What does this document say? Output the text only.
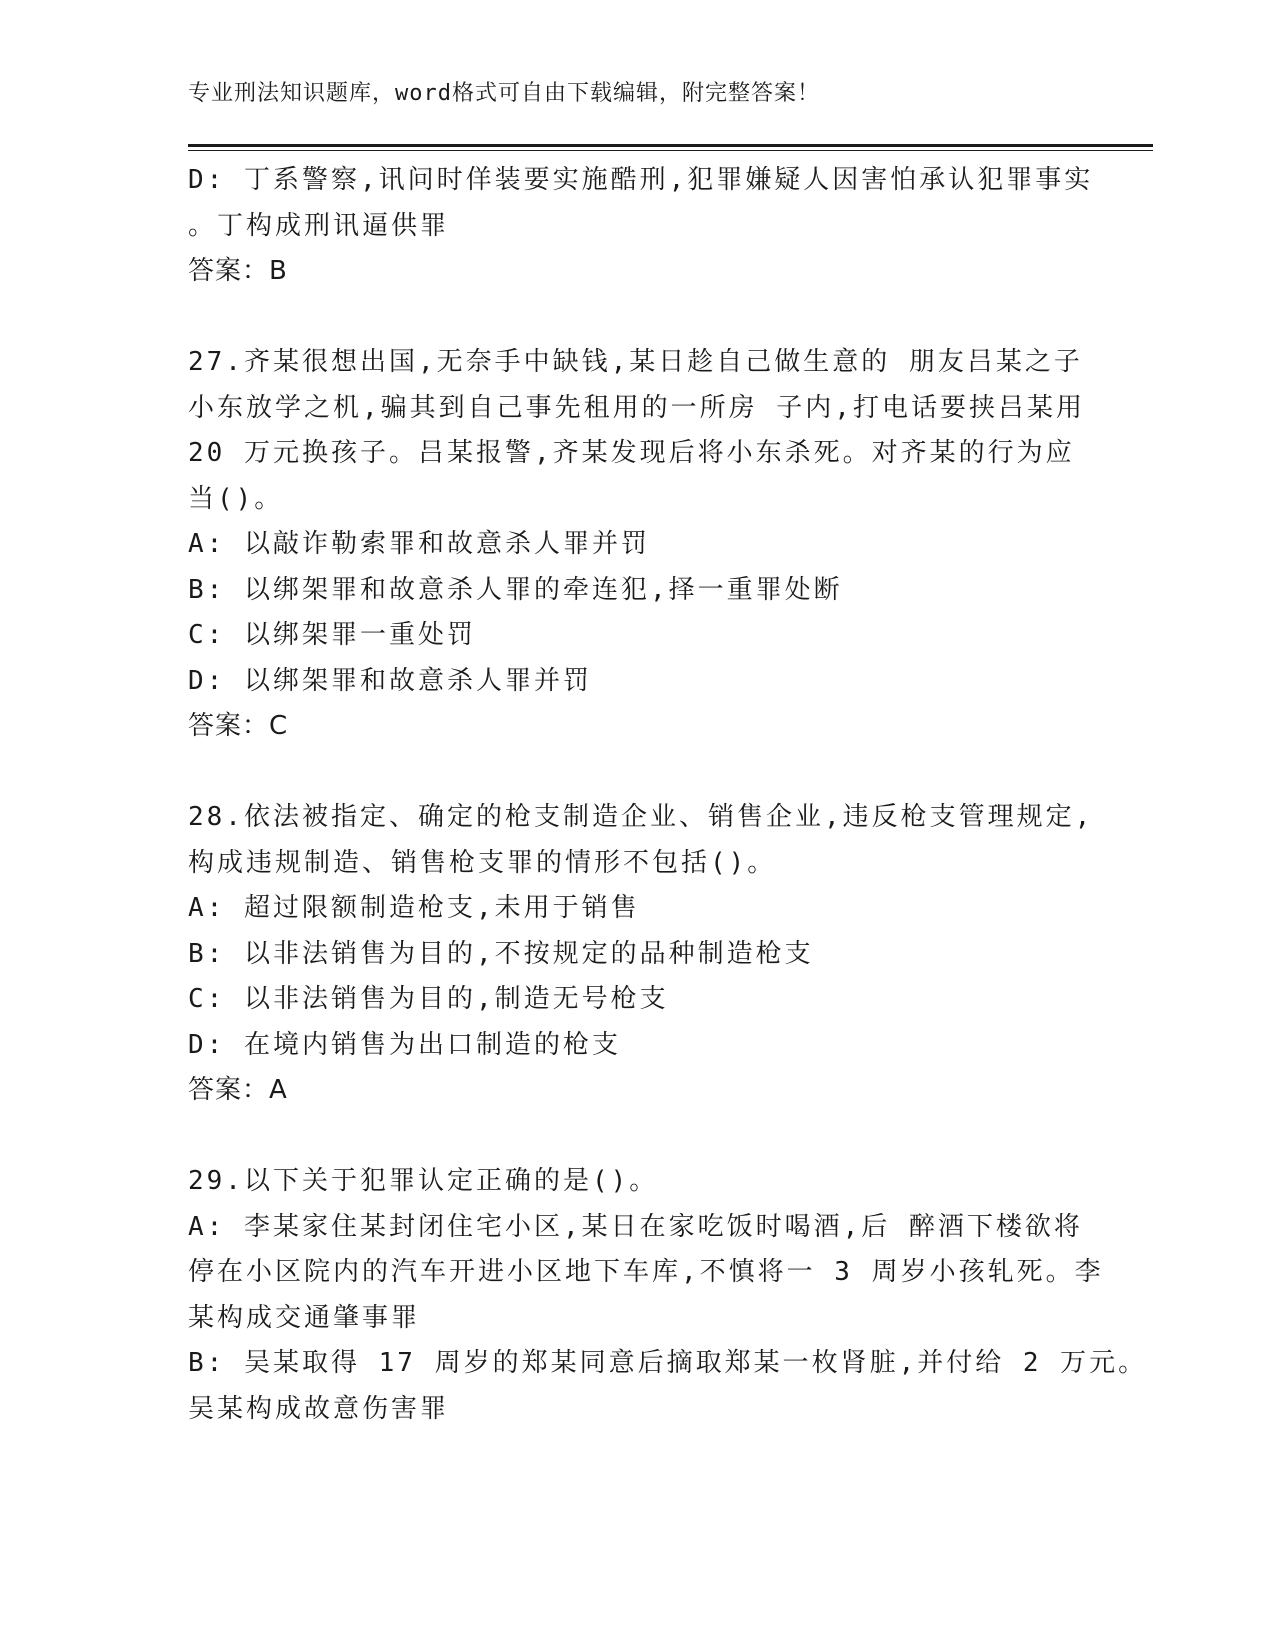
专业刑法知识题库，word格式可自由下载编辑，附完整答案！
D: 丁系警察,讯问时佯装要实施酷刑,犯罪嫌疑人因害怕承认犯罪事实
。丁构成刑讯逼供罪
答案：B
27.齐某很想出国,无奈手中缺钱,某日趁自己做生意的 朋友吕某之子
小东放学之机,骗其到自己事先租用的一所房 子内,打电话要挟吕某用
20 万元换孩子。吕某报警,齐某发现后将小东杀死。对齐某的行为应
当()。
A: 以敲诈勒索罪和故意杀人罪并罚
B: 以绑架罪和故意杀人罪的牵连犯,择一重罪处断
C: 以绑架罪一重处罚
D: 以绑架罪和故意杀人罪并罚
答案：C
28.依法被指定、确定的枪支制造企业、销售企业,违反枪支管理规定,
构成违规制造、销售枪支罪的情形不包括()。
A: 超过限额制造枪支,未用于销售
B: 以非法销售为目的,不按规定的品种制造枪支
C: 以非法销售为目的,制造无号枪支
D: 在境内销售为出口制造的枪支
答案：A
29.以下关于犯罪认定正确的是()。
A: 李某家住某封闭住宅小区,某日在家吃饭时喝酒,后 醉酒下楼欲将
停在小区院内的汽车开进小区地下车库,不慎将一 3 周岁小孩轧死。李
某构成交通肇事罪
B: 吴某取得 17 周岁的郑某同意后摘取郑某一枚肾脏,并付给 2 万元。
吴某构成故意伤害罪
